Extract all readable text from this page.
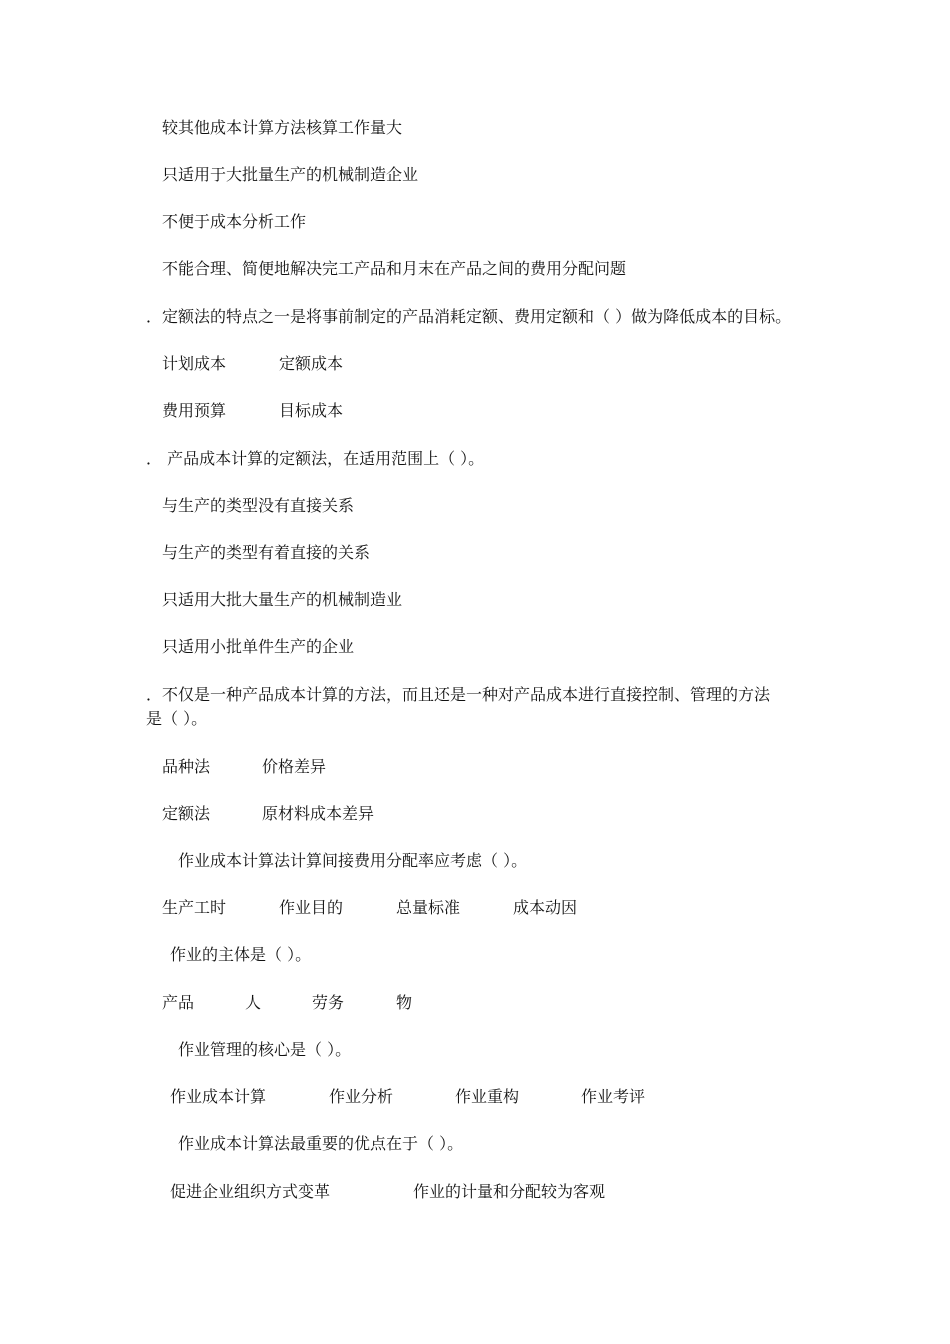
较其他成本计算方法核算工作量大
只适用于大批量生产的机械制造企业
不便于成本分析工作
不能合理、简便地解决完工产品和月末在产品之间的费用分配问题
．定额法的特点之一是将事前制定的产品消耗定额、费用定额和（ ）做为降低成本的目标。
计划成本	定额成本
费用预算	目标成本
． 产品成本计算的定额法，在适用范围上（ ）。
与生产的类型没有直接关系
与生产的类型有着直接的关系
只适用大批大量生产的机械制造业
只适用小批单件生产的企业
．不仅是一种产品成本计算的方法，而且还是一种对产品成本进行直接控制、管理的方法
是（ ）。
品种法	价格差异
定额法	原材料成本差异
作业成本计算法计算间接费用分配率应考虑（ ）。
生产工时	作业目的	总量标准	成本动因
作业的主体是（ ）。
产品	人	劳务	物
作业管理的核心是（ ）。
作业成本计算	作业分析	作业重构	作业考评
作业成本计算法最重要的优点在于（ ）。
促进企业组织方式变革	作业的计量和分配较为客观
